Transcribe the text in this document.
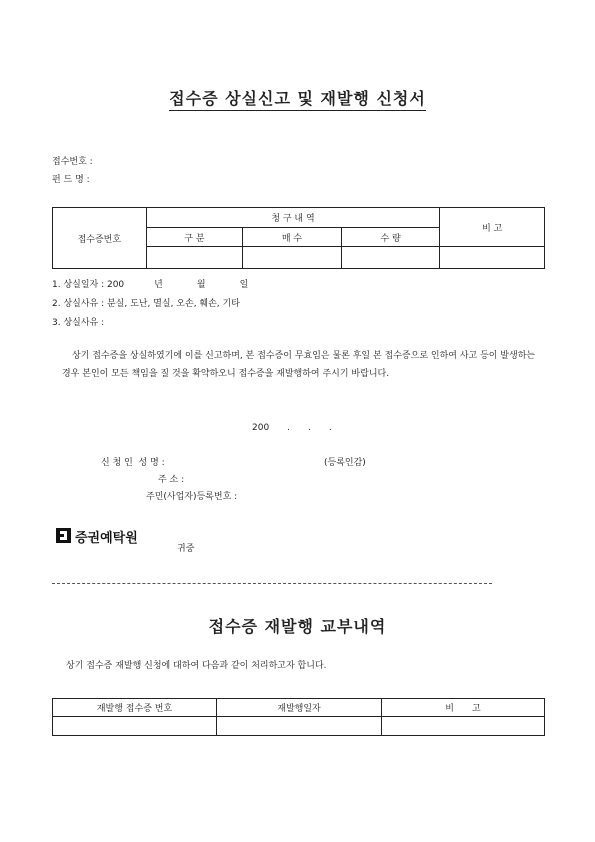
접수증 상실신고 및 재발행 신청서
접수번호 :
펀 드 명 :
접수증번호	청 구 내 역			비 고
	구 분	매 수	수 량	

1. 상실일자 : 200	년	월	일
2. 상실사유 : 분실, 도난, 멸실, 오손, 훼손, 기타
3. 상실사유 :
상기 접수증을 상실하였기에 이를 신고하며, 본 접수증이 무효임은 물론 후일 본 접수증으로 인하여 사고 등이 발생하는 경우 본인이 모든 책임을 질 것을 확약하오니 접수증을 재발행하여 주시기 바랍니다.
200　　.　　.　　.
신 청 인  성 명 :	(등록인감)
주 소 :
주민(사업자)등록번호 :
증권예탁원
귀중
접수증 재발행 교부내역
상기 접수증 재발행 신청에 대하여 다음과 같이 처리하고자 합니다.
재발행 접수증 번호	재발행일자	비　　고
